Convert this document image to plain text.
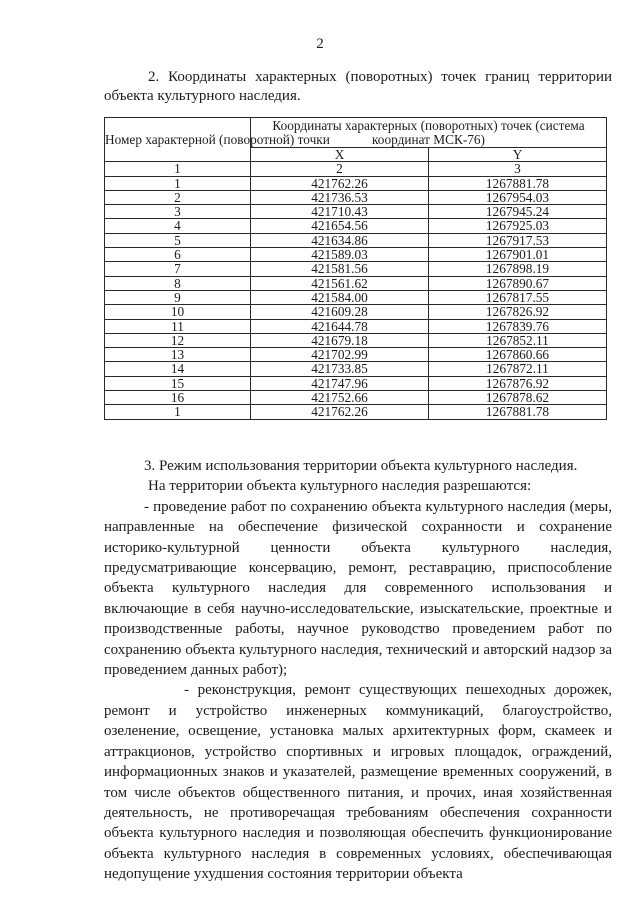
2

2. Координаты характерных (поворотных) точек границ территории объекта культурного наследия.

Номер характерной (поворотной) точки	Координаты характерных (поворотных) точек (система координат МСК-76)	
	X	Y
1	2	3
1	421762.26	1267881.78
2	421736.53	1267954.03
3	421710.43	1267945.24
4	421654.56	1267925.03
5	421634.86	1267917.53
6	421589.03	1267901.01
7	421581.56	1267898.19
8	421561.62	1267890.67
9	421584.00	1267817.55
10	421609.28	1267826.92
11	421644.78	1267839.76
12	421679.18	1267852.11
13	421702.99	1267860.66
14	421733.85	1267872.11
15	421747.96	1267876.92
16	421752.66	1267878.62
1	421762.26	1267881.78

3. Режим использования территории объекта культурного наследия.

На территории объекта культурного наследия разрешаются:

- проведение работ по сохранению объекта культурного наследия (меры, направленные на обеспечение физической сохранности и сохранение историко-культурной ценности объекта культурного наследия, предусматривающие консервацию, ремонт, реставрацию, приспособление объекта культурного наследия для современного использования и включающие в себя научно-исследовательские, изыскательские, проектные и производственные работы, научное руководство проведением работ по сохранению объекта культурного наследия, технический и авторский надзор за проведением данных работ);

- реконструкция, ремонт существующих пешеходных дорожек, ремонт и устройство инженерных коммуникаций, благоустройство, озеленение, освещение, установка малых архитектурных форм, скамеек и аттракционов, устройство спортивных и игровых площадок, ограждений, информационных знаков и указателей, размещение временных сооружений, в том числе объектов общественного питания, и прочих, иная хозяйственная деятельность, не противоречащая требованиям обеспечения сохранности объекта культурного наследия и позволяющая обеспечить функционирование объекта культурного наследия в современных условиях, обеспечивающая недопущение ухудшения состояния территории объекта
